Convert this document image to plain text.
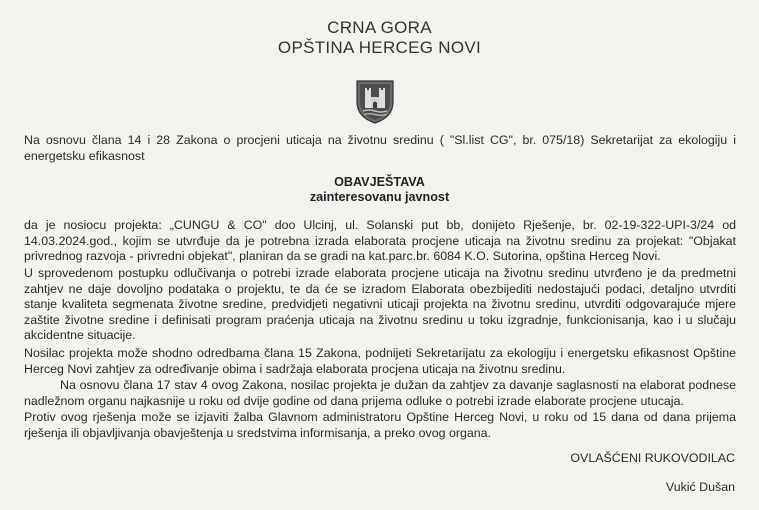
CRNA GORA
OPŠTINA HERCEG NOVI
Na osnovu člana 14 i 28 Zakona o procjeni uticaja na životnu sredinu ( "Sl.list CG", br. 075/18) Sekretarijat za ekologiju i energetsku efikasnost
OBAVJEŠTAVA
zainteresovanu javnost
da je nosiocu projekta: „CUNGU & CO" doo Ulcinj, ul. Solanski put bb, donijeto Rješenje, br. 02-19-322-UPI-3/24 od 14.03.2024.god., kojim se utvrđuje da je potrebna izrada elaborata procjene uticaja na životnu sredinu za projekat: "Objakat privrednog razvoja - privredni objekat", planiran da se gradi na kat.parc.br. 6084 K.O. Sutorina, opština Herceg Novi.
U sprovedenom postupku odlučivanja o potrebi izrade elaborata procjene uticaja na životnu sredinu utvrđeno je da predmetni zahtjev ne daje dovoljno podataka o projektu, te da će se izradom Elaborata obezbijediti nedostajući podaci, detaljno utvrditi stanje kvaliteta segmenata životne sredine, predvidjeti negativni uticaji projekta na životnu sredinu, utvrditi odgovarajuće mjere zaštite životne sredine i definisati program praćenja uticaja na životnu sredinu u toku izgradnje, funkcionisanja, kao i u slučaju akcidentne situacije.
Nosilac projekta može shodno odredbama člana 15 Zakona, podnijeti Sekretarijatu za ekologiju i energetsku efikasnost Opštine Herceg Novi zahtjev za određivanje obima i sadržaja elaborata procjena uticaja na životnu sredinu.
Na osnovu člana 17 stav 4 ovog Zakona, nosilac projekta je dužan da zahtjev za davanje saglasnosti na elaborat podnese nadležnom organu najkasnije u roku od dvije godine od dana prijema odluke o potrebi izrade elaborate procjene utucaja.
Protiv ovog rješenja može se izjaviti žalba Glavnom administratoru Opštine Herceg Novi, u roku od 15 dana od dana prijema rješenja ili objavljivanja obavještenja u sredstvima informisanja, a preko ovog organa.
OVLAŠĆENI RUKOVODILAC
Vukić Dušan
